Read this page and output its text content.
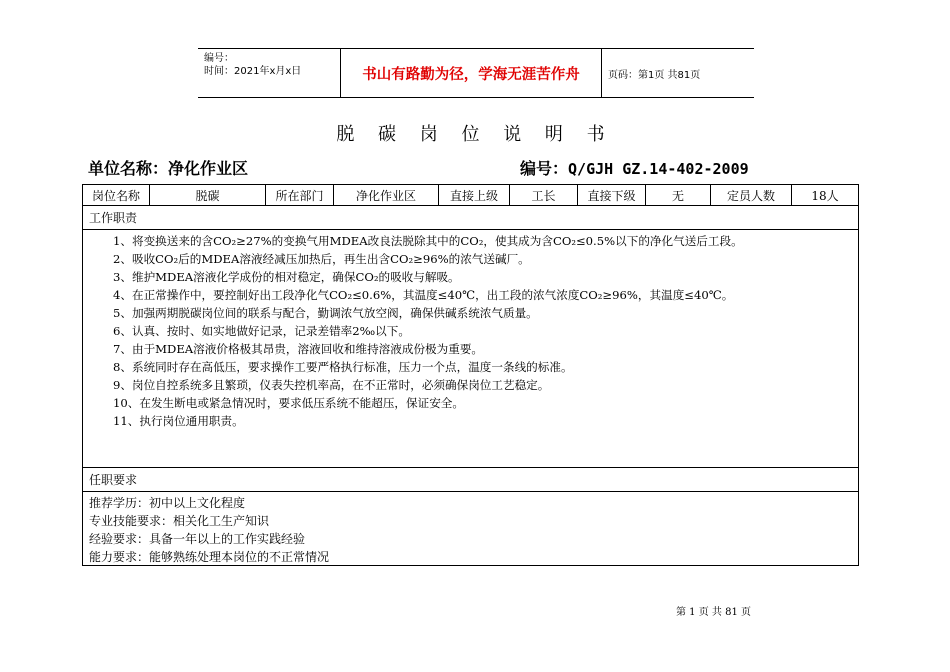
编号：
时间：2021年x月x日	书山有路勤为径，学海无涯苦作舟	页码：第1页 共81页
脱 碳 岗 位 说 明 书
单位名称：净化作业区	编号：Q/GJH GZ.14-402-2009
岗位名称	脱碳	所在部门	净化作业区	直接上级	工长	直接下级	无	定员人数	18人
工作职责
1、将变换送来的含CO₂≥27%的变换气用MDEA改良法脱除其中的CO₂，使其成为含CO₂≤0.5%以下的净化气送后工段。
2、吸收CO₂后的MDEA溶液经减压加热后，再生出含CO₂≥96%的浓气送碱厂。
3、维护MDEA溶液化学成份的相对稳定，确保CO₂的吸收与解吸。
4、在正常操作中，要控制好出工段净化气CO₂≤0.6%，其温度≤40℃，出工段的浓气浓度CO₂≥96%，其温度≤40℃。
5、加强两期脱碳岗位间的联系与配合，勤调浓气放空阀，确保供碱系统浓气质量。
6、认真、按时、如实地做好记录，记录差错率2‰以下。
7、由于MDEA溶液价格极其昂贵，溶液回收和维持溶液成份极为重要。
8、系统同时存在高低压，要求操作工要严格执行标准，压力一个点，温度一条线的标准。
9、岗位自控系统多且繁琐，仪表失控机率高，在不正常时，必须确保岗位工艺稳定。
10、在发生断电或紧急情况时，要求低压系统不能超压，保证安全。
11、执行岗位通用职责。
任职要求
推荐学历：初中以上文化程度
专业技能要求：相关化工生产知识
经验要求：具备一年以上的工作实践经验
能力要求：能够熟练处理本岗位的不正常情况
第 1 页 共 81 页
